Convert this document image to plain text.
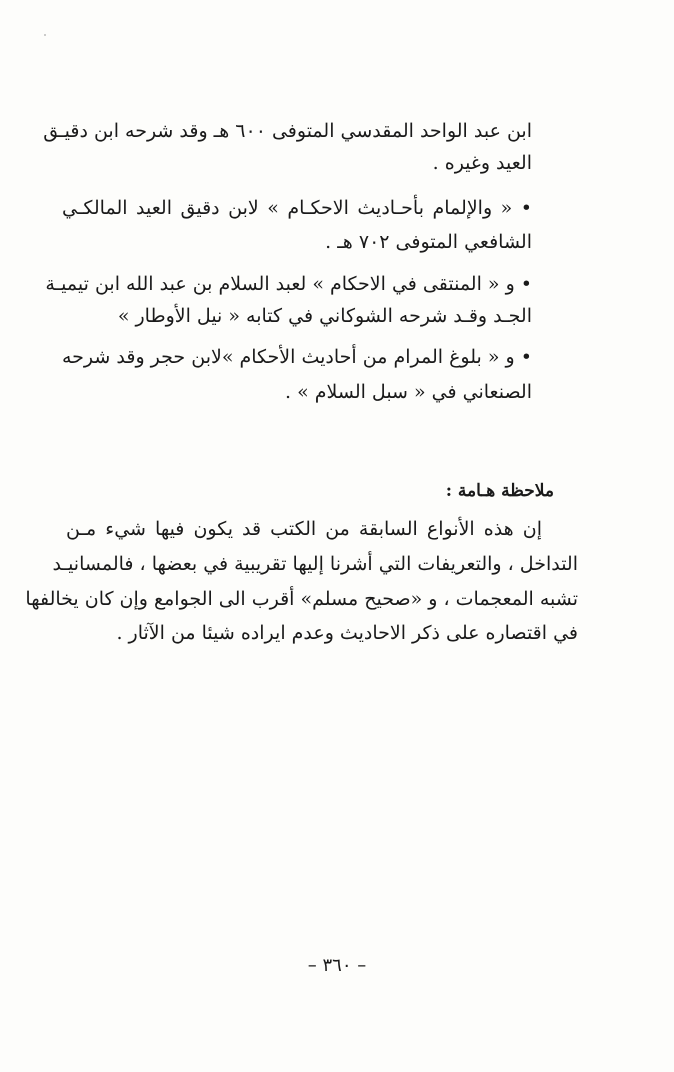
ابن عبد الواحد المقدسي المتوفى ٦٠٠ هـ وقد شرحه ابن دقيـق
العيد وغيره .
• « والإلمام بأحـاديث الاحكـام » لابن دقيق العيد المالكـي
الشافعي المتوفى ٧٠٢ هـ .
• و « المنتقى في الاحكام » لعبد السلام بن عبد الله ابن تيميـة
الجـد وقـد شرحه الشوكاني في كتابه « نيل الأوطار »
• و « بلوغ المرام من أحاديث الأحكام »لابن حجر وقد شرحه
الصنعاني في « سبل السلام » .
ملاحظة هـامة :
إن هذه الأنواع السابقة من الكتب قد يكون فيها شيء مـن
التداخل ، والتعريفات التي أشرنا إليها تقريبية في بعضها ، فالمسانيـد
تشبه المعجمات ، و «صحيح مسلم» أقرب الى الجوامع وإن كان يخالفها
في اقتصاره على ذكر الاحاديث وعدم ايراده شيئا من الآثار .
– ٣٦٠ –
